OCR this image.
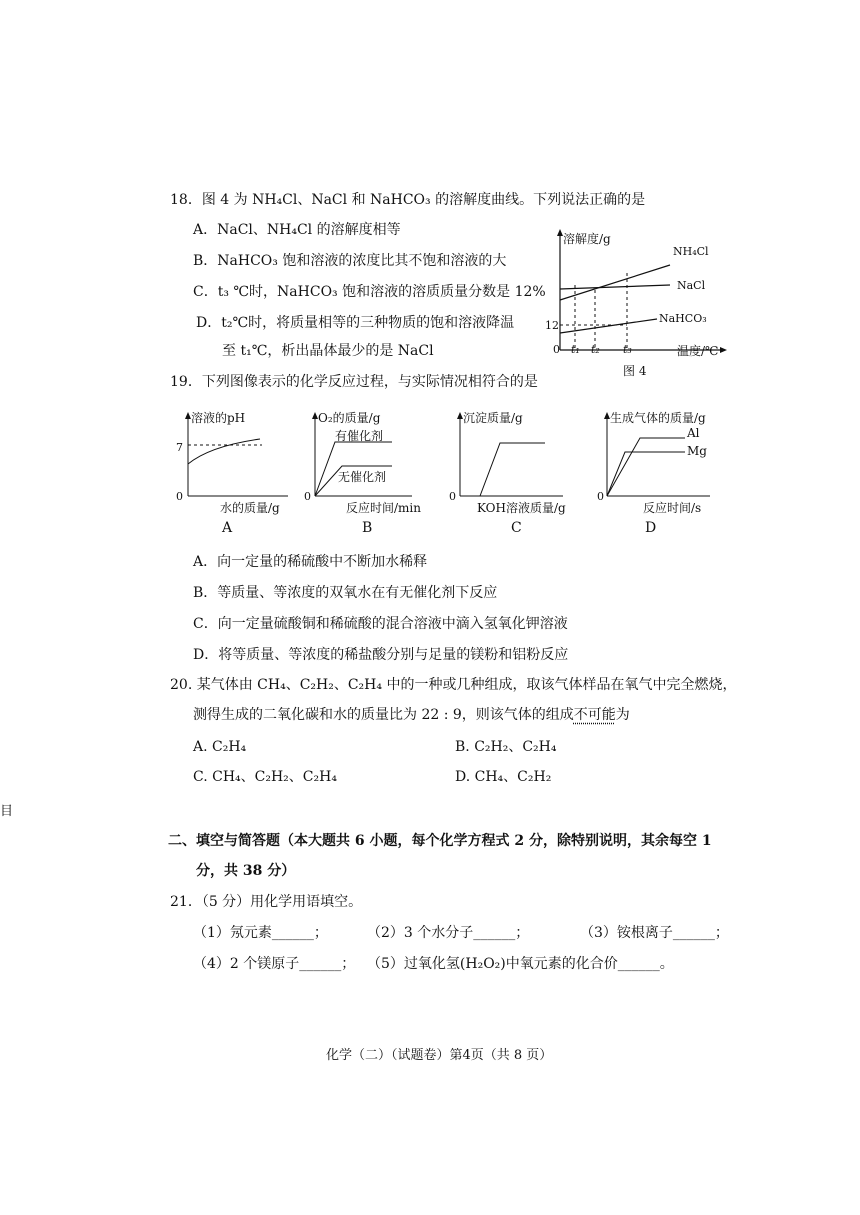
18．图 4 为 NH₄Cl、NaCl 和 NaHCO₃ 的溶解度曲线。下列说法正确的是
A．NaCl、NH₄Cl 的溶解度相等
B．NaHCO₃ 饱和溶液的浓度比其不饱和溶液的大
C．t₃ ℃时，NaHCO₃ 饱和溶液的溶质质量分数是 12%
D．t₂℃时，将质量相等的三种物质的饱和溶液降温
至 t₁℃，析出晶体最少的是 NaCl
溶解度/g
温度/℃
0
12
t₁ t₂ t₃
NH₄Cl
NaCl
NaHCO₃
图 4
19．下列图像表示的化学反应过程，与实际情况相符合的是
溶液的pH
7
0
水的质量/g
O₂的质量/g
有催化剂
无催化剂
0
反应时间/min
沉淀质量/g
0
KOH溶液质量/g
生成气体的质量/g
Al
Mg
0
反应时间/s
A	B	C	D
A．向一定量的稀硫酸中不断加水稀释
B．等质量、等浓度的双氧水在有无催化剂下反应
C．向一定量硫酸铜和稀硫酸的混合溶液中滴入氢氧化钾溶液
D．将等质量、等浓度的稀盐酸分别与足量的镁粉和铝粉反应
20. 某气体由 CH₄、C₂H₂、C₂H₄ 中的一种或几种组成，取该气体样品在氧气中完全燃烧，
测得生成的二氧化碳和水的质量比为 22 : 9，则该气体的组成不可能为
A. C₂H₄	B. C₂H₂、C₂H₄
C. CH₄、C₂H₂、C₂H₄	D. CH₄、C₂H₂
目
二、填空与简答题（本大题共 6 小题，每个化学方程式 2 分，除特别说明，其余每空 1
分，共 38 分）
21．（5 分）用化学用语填空。
（1）氖元素______；	（2）3 个水分子______；	（3）铵根离子______；
（4）2 个镁原子______； （5）过氧化氢(H₂O₂)中氧元素的化合价______。
化学（二）（试题卷）第4页（共 8 页）
